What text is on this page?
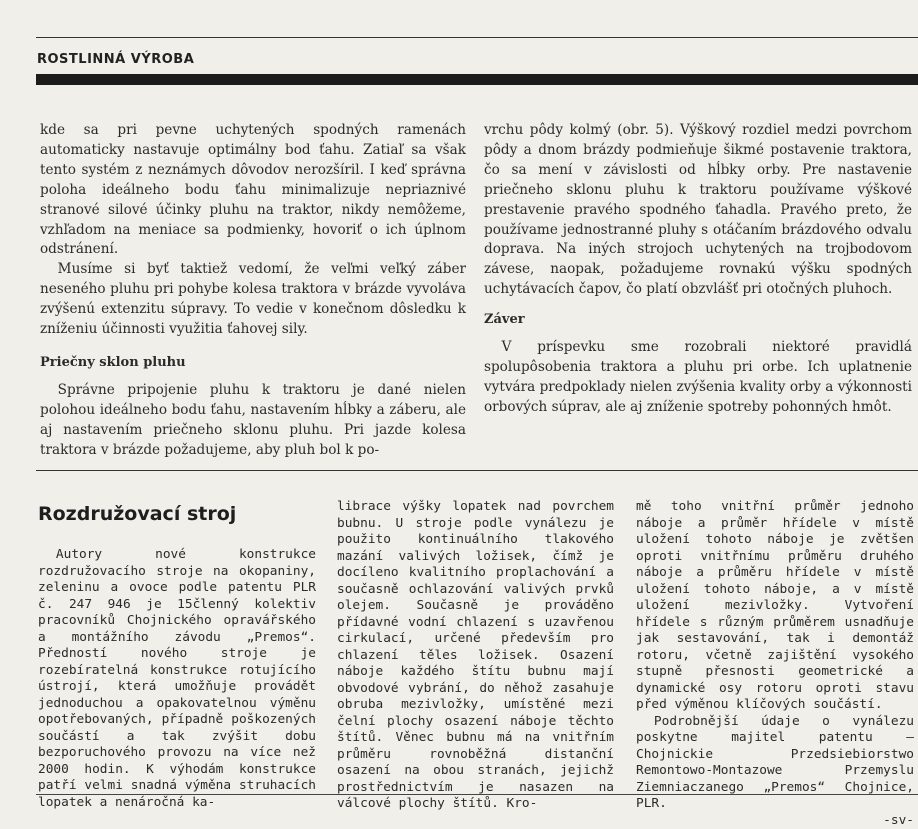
ROSTLINNÁ VÝROBA

kde sa pri pevne uchytených spodných ramenách automaticky nastavuje optimálny bod ťahu. Zatiaľ sa však tento systém z neznámych dôvodov nerozšíril. I keď správna poloha ideálneho bodu ťahu minimalizuje nepriaznivé stranové silové účinky pluhu na traktor, nikdy nemôžeme, vzhľadom na meniace sa podmienky, hovoriť o ich úplnom odstránení.

Musíme si byť taktiež vedomí, že veľmi veľký záber neseného pluhu pri pohybe kolesa traktora v brázde vyvoláva zvýšenú extenzitu súpravy. To vedie v konečnom dôsledku k zníženiu účinnosti využitia ťahovej sily.

Priečny sklon pluhu

Správne pripojenie pluhu k traktoru je dané nielen polohou ideálneho bodu ťahu, nastavením hĺbky a záberu, ale aj nastavením priečneho sklonu pluhu. Pri jazde kolesa traktora v brázde požadujeme, aby pluh bol k po-

vrchu pôdy kolmý (obr. 5). Výškový rozdiel medzi povrchom pôdy a dnom brázdy podmieňuje šikmé postavenie traktora, čo sa mení v závislosti od hĺbky orby. Pre nastavenie priečneho sklonu pluhu k traktoru používame výškové prestavenie pravého spodného ťahadla. Pravého preto, že používame jednostranné pluhy s otáčaním brázdového odvalu doprava. Na iných strojoch uchytených na trojbodovom závese, naopak, požadujeme rovnakú výšku spodných uchytávacích čapov, čo platí obzvlášť pri otočných pluhoch.

Záver

V príspevku sme rozobrali niektoré pravidlá spolupôsobenia traktora a pluhu pri orbe. Ich uplatnenie vytvára predpoklady nielen zvýšenia kvality orby a výkonnosti orbových súprav, ale aj zníženie spotreby pohonných hmôt.

Rozdružovací stroj

Autory nové konstrukce rozdružovacího stroje na okopaniny, zeleninu a ovoce podle patentu PLR č. 247 946 je 15členný kolektiv pracovníků Chojnického opravářského a montážního závodu „Premos“. Předností nového stroje je rozebíratelná konstrukce rotujícího ústrojí, která umožňuje provádět jednoduchou a opakovatelnou výměnu opotřebovaných, případně poškozených součástí a tak zvýšit dobu bezporuchového provozu na více než 2000 hodin. K výhodám konstrukce patří velmi snadná výměna struhacích lopatek a nenáročná ka-

librace výšky lopatek nad povrchem bubnu. U stroje podle vynálezu je použito kontinuálního tlakového mazání valivých ložisek, čímž je docíleno kvalitního proplachování a současně ochlazování valivých prvků olejem. Současně je prováděno přídavné vodní chlazení s uzavřenou cirkulací, určené především pro chlazení těles ložisek. Osazení náboje každého štítu bubnu mají obvodové vybrání, do něhož zasahuje obruba mezivložky, umístěné mezi čelní plochy osazení náboje těchto štítů. Věnec bubnu má na vnitřním průměru rovnoběžná distanční osazení na obou stranách, jejichž prostřednictvím je nasazen na válcové plochy štítů. Kro-

mě toho vnitřní průměr jednoho náboje a průměr hřídele v místě uložení tohoto náboje je zvětšen oproti vnitřnímu průměru druhého náboje a průměru hřídele v místě uložení tohoto náboje, a v místě uložení mezivložky. Vytvoření hřídele s různým průměrem usnadňuje jak sestavování, tak i demontáž rotoru, včetně zajištění vysokého stupně přesnosti geometrické a dynamické osy rotoru oproti stavu před výměnou klíčových součástí.

Podrobnější údaje o vynálezu poskytne majitel patentu — Chojnickie Przedsiebiorstwo Remontowo-Montazowe Przemyslu Ziemniaczanego „Premos“ Chojnice, PLR.

-sv-
